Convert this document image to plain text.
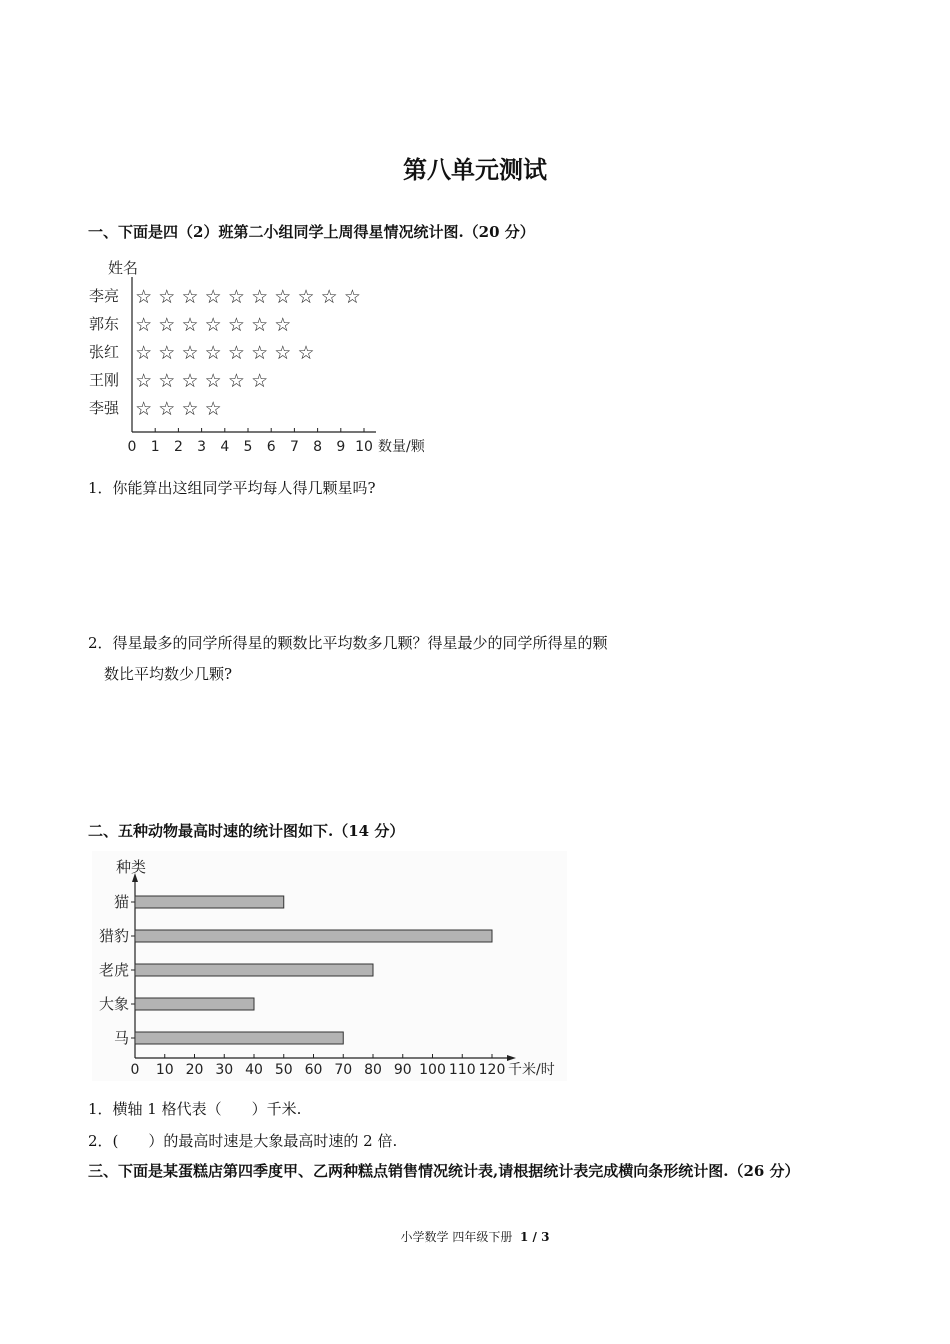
第八单元测试
一、下面是四（2）班第二小组同学上周得星情况统计图.（20 分）
姓名
数量/颗
0 1 2 3 4 5 6 7 8 9 10
李亮 ☆ ☆ ☆ ☆ ☆ ☆ ☆ ☆ ☆ ☆
郭东 ☆ ☆ ☆ ☆ ☆ ☆ ☆
张红 ☆ ☆ ☆ ☆ ☆ ☆ ☆ ☆
王刚 ☆ ☆ ☆ ☆ ☆ ☆
李强 ☆ ☆ ☆ ☆
1．你能算出这组同学平均每人得几颗星吗?
2．得星最多的同学所得星的颗数比平均数多几颗？得星最少的同学所得星的颗
数比平均数少几颗?
二、五种动物最高时速的统计图如下.（14 分）
种类
千米/时
0 10 20 30 40 50 60 70 80 90 100 110 120
猫
猎豹
老虎
大象
马
1．横轴 1 格代表（　　）千米.
2．(　　）的最高时速是大象最高时速的 2 倍.
三、下面是某蛋糕店第四季度甲、乙两种糕点销售情况统计表,请根据统计表完成横向条形统计图.（26 分）
小学数学 四年级下册 1 / 3
